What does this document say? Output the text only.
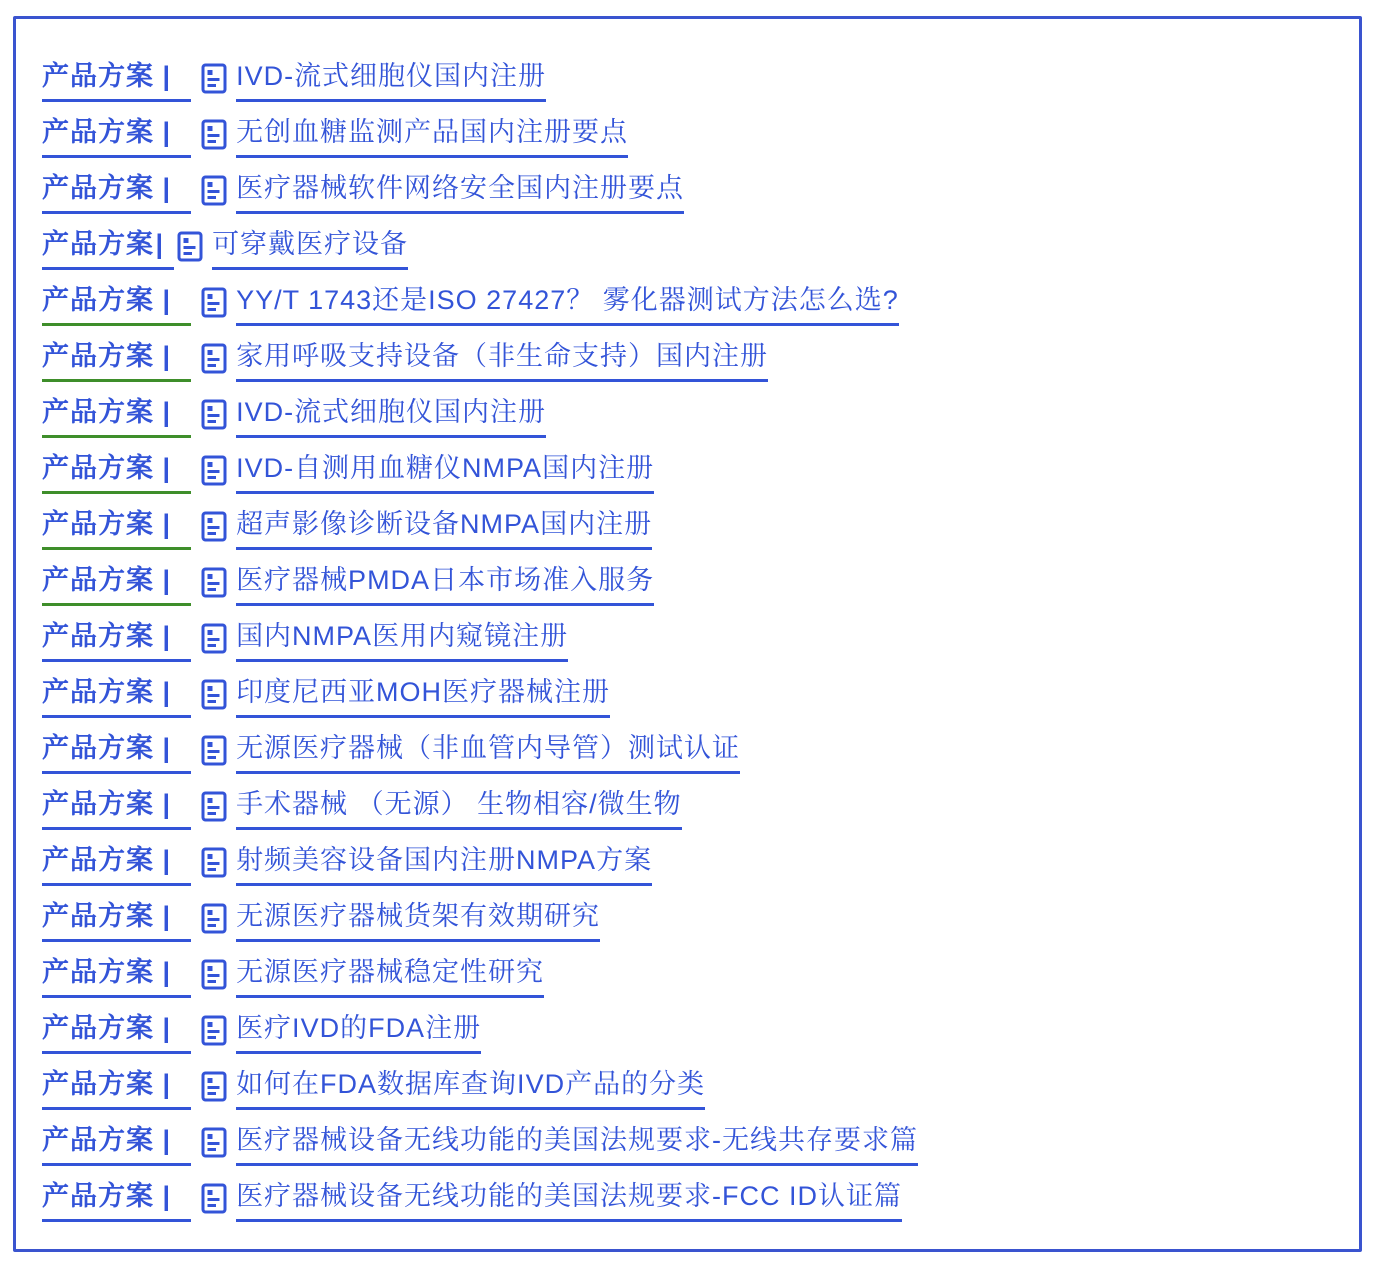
产品方案 |	IVD-流式细胞仪国内注册
产品方案 |	无创血糖监测产品国内注册要点
产品方案 |	医疗器械软件网络安全国内注册要点
产品方案 |	可穿戴医疗设备
产品方案 |	YY/T 1743还是ISO 27427？ 雾化器测试方法怎么选?
产品方案 |	家用呼吸支持设备（非生命支持）国内注册
产品方案 |	IVD-流式细胞仪国内注册
产品方案 |	IVD-自测用血糖仪NMPA国内注册
产品方案 |	超声影像诊断设备NMPA国内注册
产品方案 |	医疗器械PMDA日本市场准入服务
产品方案 |	国内NMPA医用内窥镜注册
产品方案 |	印度尼西亚MOH医疗器械注册
产品方案 |	无源医疗器械（非血管内导管）测试认证
产品方案 |	手术器械 （无源） 生物相容/微生物
产品方案 |	射频美容设备国内注册NMPA方案
产品方案 |	无源医疗器械货架有效期研究
产品方案 |	无源医疗器械稳定性研究
产品方案 |	医疗IVD的FDA注册
产品方案 |	如何在FDA数据库查询IVD产品的分类
产品方案 |	医疗器械设备无线功能的美国法规要求-无线共存要求篇
产品方案 |	医疗器械设备无线功能的美国法规要求-FCC ID认证篇
